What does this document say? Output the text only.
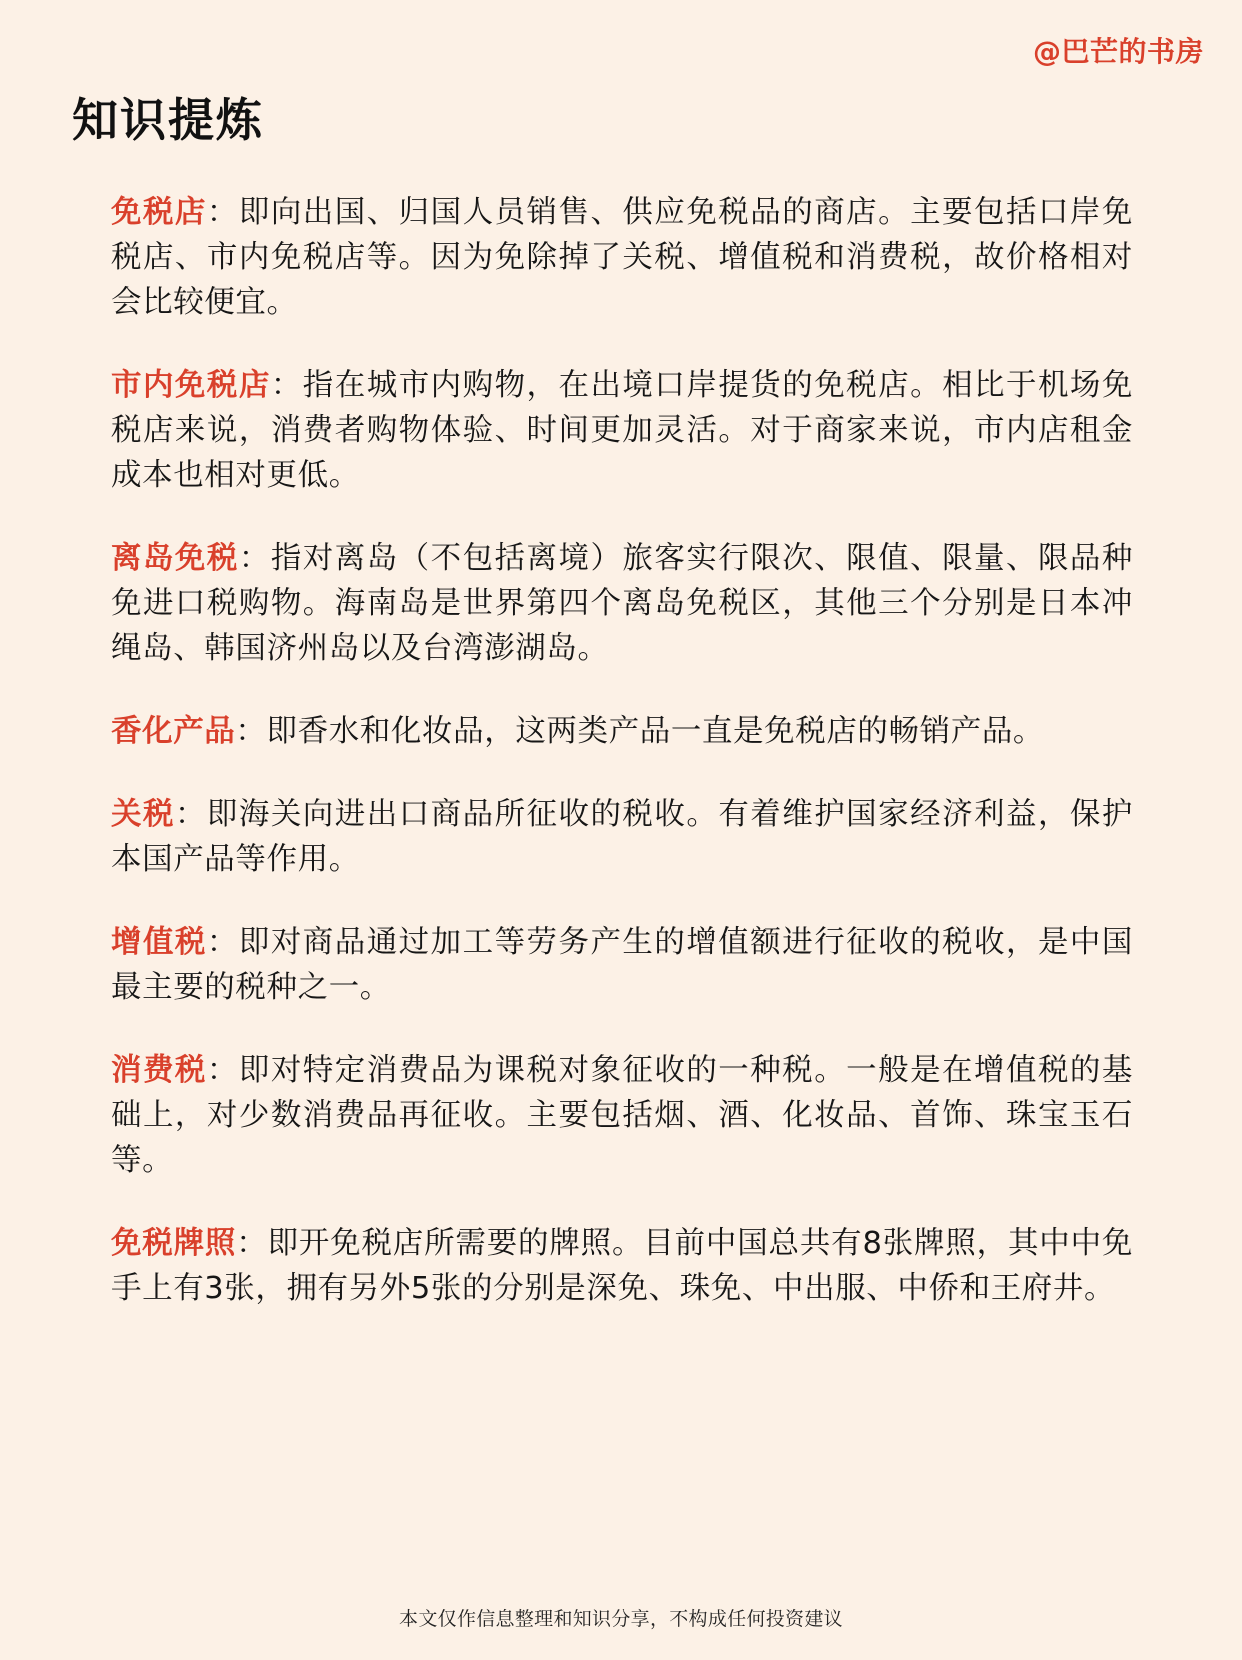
@巴芒的书房
知识提炼

免税店：即向出国、归国人员销售、供应免税品的商店。主要包括口岸免税店、市内免税店等。因为免除掉了关税、增值税和消费税，故价格相对会比较便宜。

市内免税店：指在城市内购物，在出境口岸提货的免税店。相比于机场免税店来说，消费者购物体验、时间更加灵活。对于商家来说，市内店租金成本也相对更低。

离岛免税：指对离岛（不包括离境）旅客实行限次、限值、限量、限品种免进口税购物。海南岛是世界第四个离岛免税区，其他三个分别是日本冲绳岛、韩国济州岛以及台湾澎湖岛。

香化产品：即香水和化妆品，这两类产品一直是免税店的畅销产品。

关税：即海关向进出口商品所征收的税收。有着维护国家经济利益，保护本国产品等作用。

增值税：即对商品通过加工等劳务产生的增值额进行征收的税收，是中国最主要的税种之一。

消费税：即对特定消费品为课税对象征收的一种税。一般是在增值税的基础上，对少数消费品再征收。主要包括烟、酒、化妆品、首饰、珠宝玉石等。

免税牌照：即开免税店所需要的牌照。目前中国总共有8张牌照，其中中免手上有3张，拥有另外5张的分别是深免、珠免、中出服、中侨和王府井。

本文仅作信息整理和知识分享，不构成任何投资建议
